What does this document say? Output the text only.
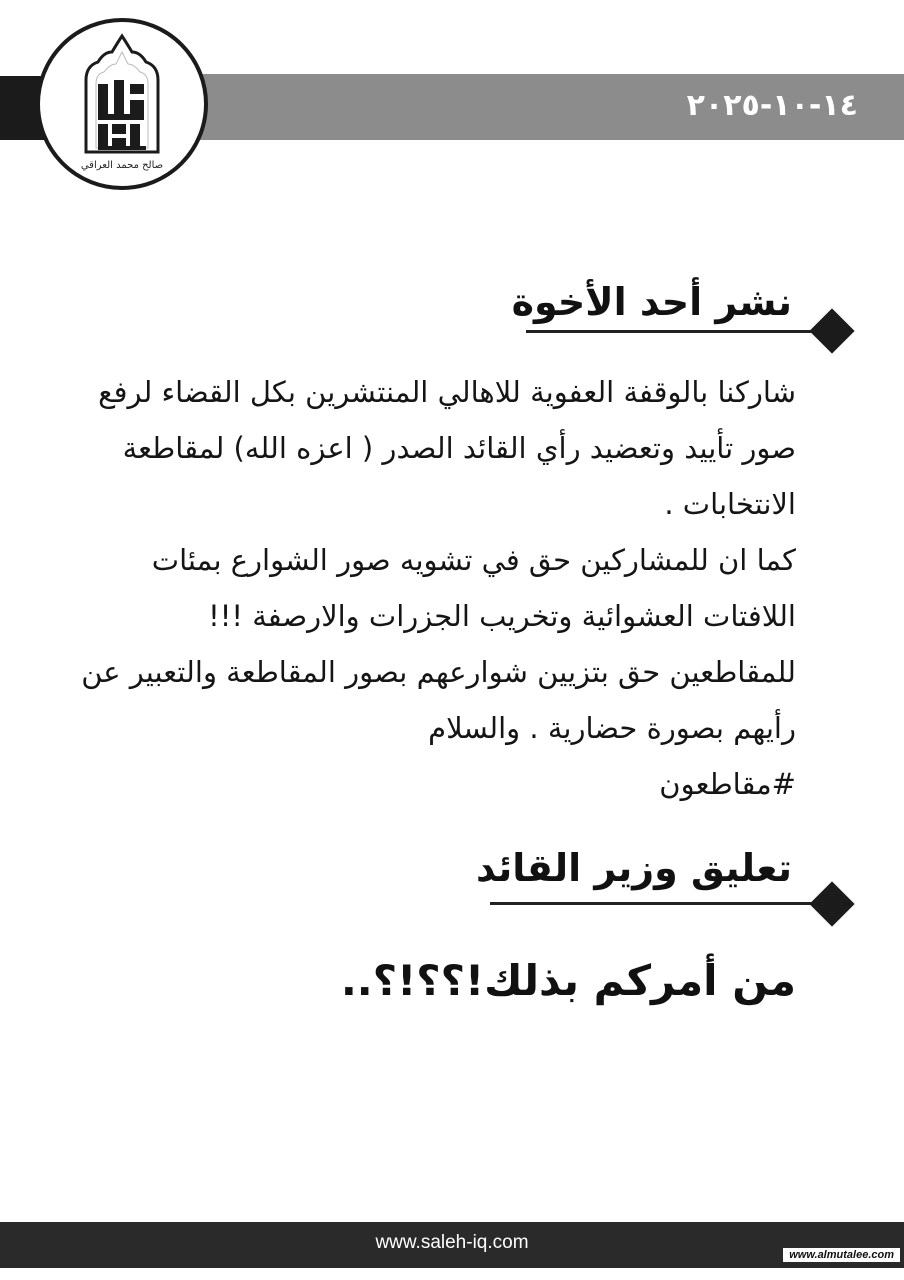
١٤-١٠-٢٠٢٥
صالح محمد العراقي
نشر أحد الأخوة

شاركنا بالوقفة العفوية للاهالي المنتشرين بكل القضاء لرفع صور تأييد وتعضيد رأي القائد الصدر ( اعزه الله) لمقاطعة الانتخابات .

كما ان للمشاركين حق في تشويه صور الشوارع بمئات اللافتات العشوائية وتخريب الجزرات والارصفة !!!

للمقاطعين حق بتزيين شوارعهم بصور المقاطعة والتعبير عن رأيهم بصورة حضارية . والسلام

#مقاطعون

تعليق وزير القائد
من أمركم بذلك!؟؟!؟..
www.saleh-iq.com
www.almutalee.com
